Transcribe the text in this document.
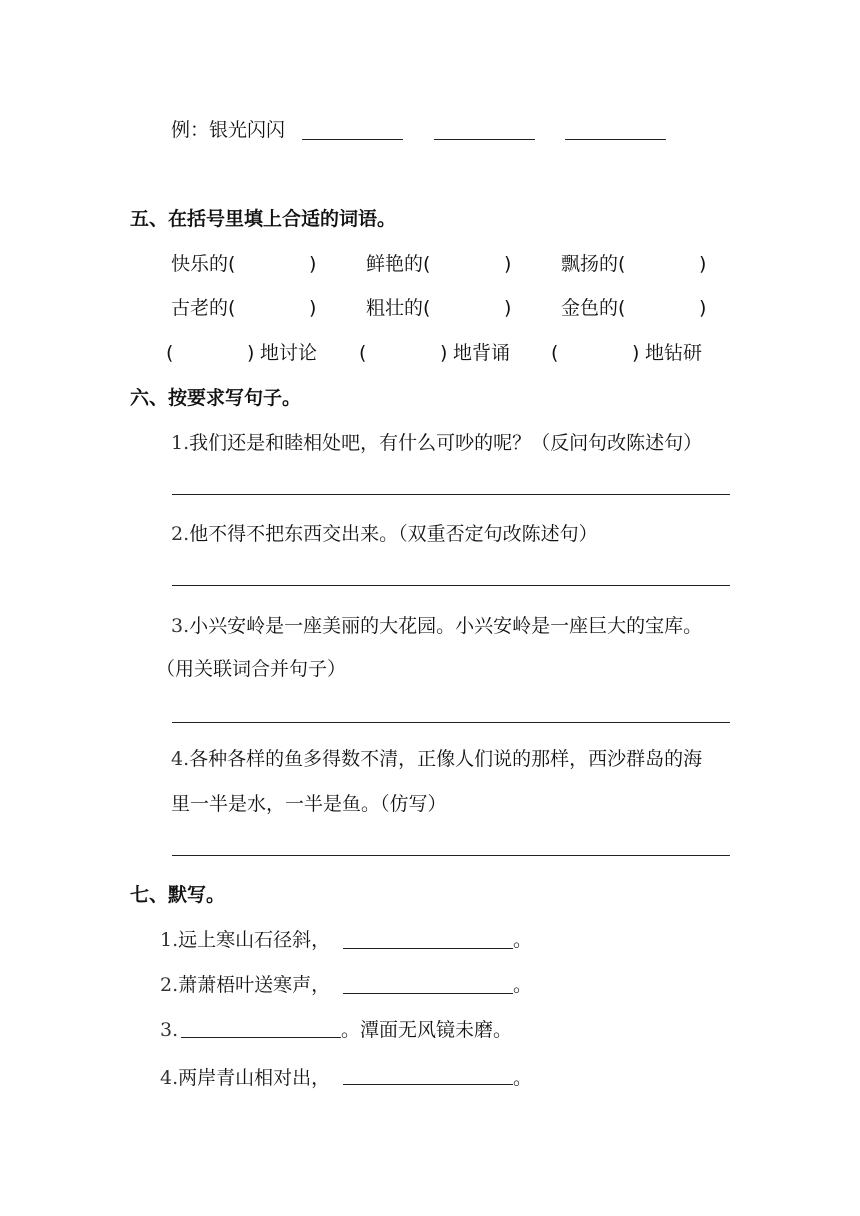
例：银光闪闪
五、在括号里填上合适的词语。
快乐的(	)	鲜艳的(	)	飘扬的(	)
古老的(	)	粗壮的(	)	金色的(	)
(	) 地讨论 (	) 地背诵 (	) 地钻研
六、按要求写句子。
1.我们还是和睦相处吧，有什么可吵的呢？（反问句改陈述句）
2.他不得不把东西交出来。（双重否定句改陈述句）
3.小兴安岭是一座美丽的大花园。小兴安岭是一座巨大的宝库。
（用关联词合并句子）
4.各种各样的鱼多得数不清，正像人们说的那样，西沙群岛的海
里一半是水，一半是鱼。（仿写）
七、默写。
1.远上寒山石径斜，	。
2.萧萧梧叶送寒声，	。
3.	。潭面无风镜未磨。
4.两岸青山相对出，	。
